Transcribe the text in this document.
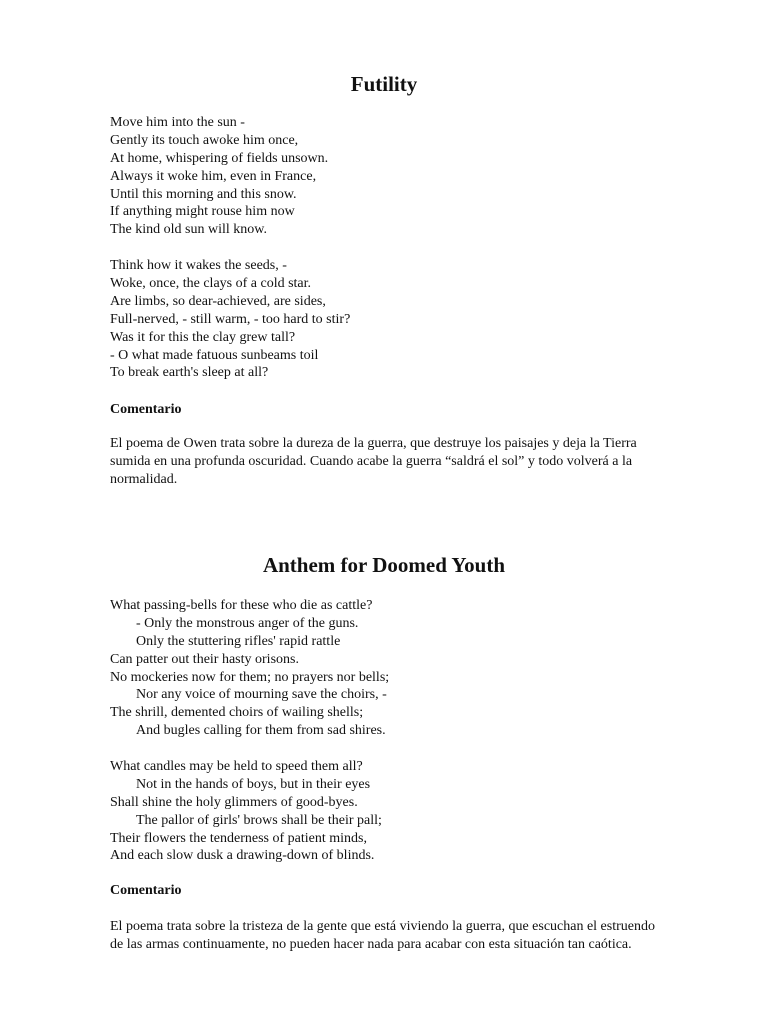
Futility
Move him into the sun -
Gently its touch awoke him once,
At home, whispering of fields unsown.
Always it woke him, even in France,
Until this morning and this snow.
If anything might rouse him now
The kind old sun will know.
Think how it wakes the seeds, -
Woke, once, the clays of a cold star.
Are limbs, so dear-achieved, are sides,
Full-nerved, - still warm, - too hard to stir?
Was it for this the clay grew tall?
- O what made fatuous sunbeams toil
To break earth's sleep at all?
Comentario
El poema de Owen trata sobre la dureza de la guerra, que destruye los paisajes y deja la Tierra sumida en una profunda oscuridad. Cuando acabe la guerra “saldrá el sol” y todo volverá a la normalidad.
Anthem for Doomed Youth
What passing-bells for these who die as cattle?
- Only the monstrous anger of the guns.
Only the stuttering rifles' rapid rattle
Can patter out their hasty orisons.
No mockeries now for them; no prayers nor bells;
Nor any voice of mourning save the choirs, -
The shrill, demented choirs of wailing shells;
And bugles calling for them from sad shires.
What candles may be held to speed them all?
Not in the hands of boys, but in their eyes
Shall shine the holy glimmers of good-byes.
The pallor of girls' brows shall be their pall;
Their flowers the tenderness of patient minds,
And each slow dusk a drawing-down of blinds.
Comentario
El poema trata sobre la tristeza de la gente que está viviendo la guerra, que escuchan el estruendo de las armas continuamente, no pueden hacer nada para acabar con esta situación tan caótica.
